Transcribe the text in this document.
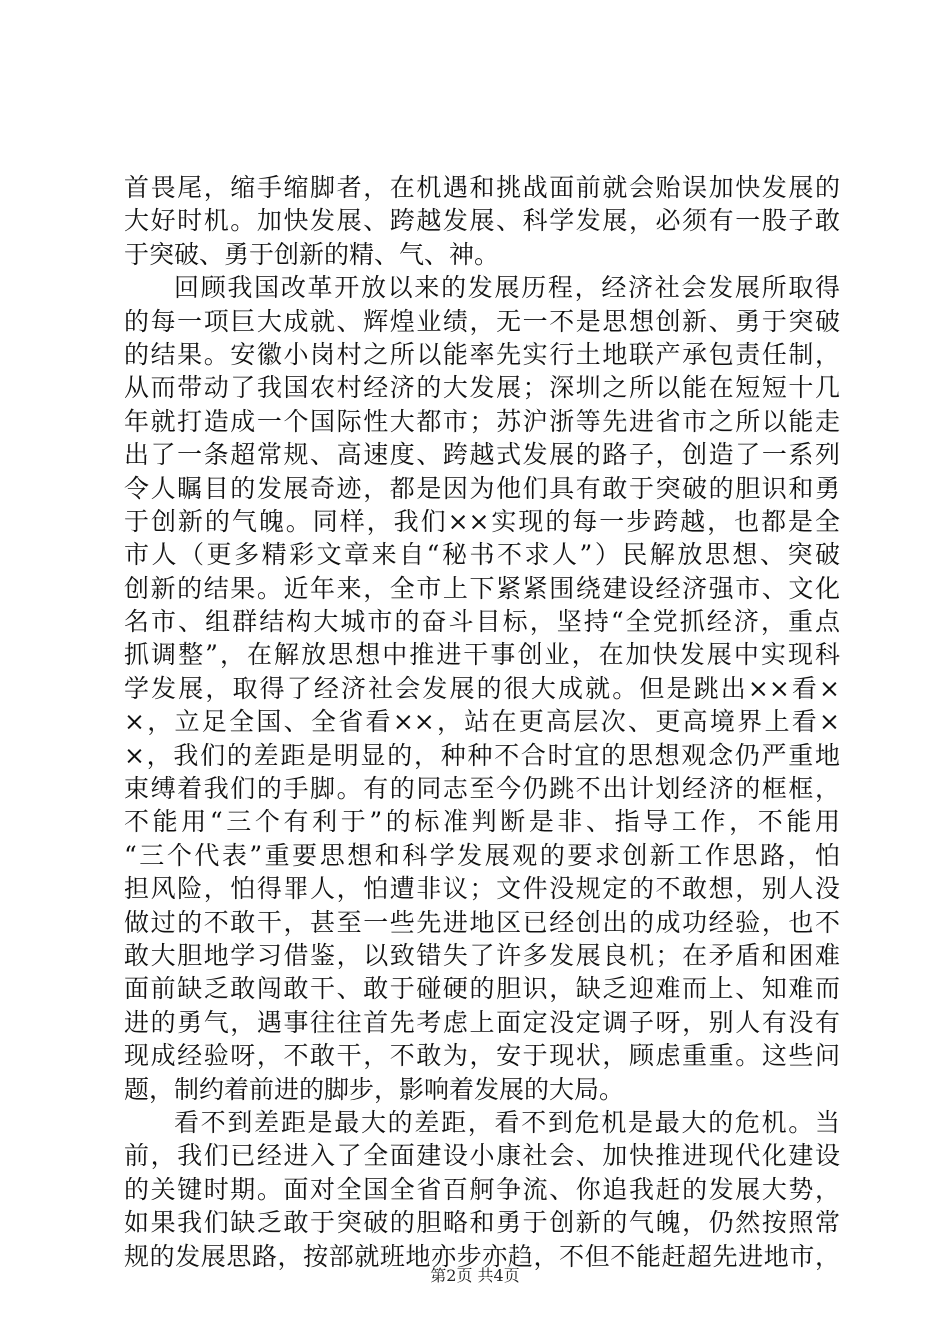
首畏尾，缩手缩脚者，在机遇和挑战面前就会贻误加快发展的
大好时机。加快发展、跨越发展、科学发展，必须有一股子敢
于突破、勇于创新的精、气、神。
回顾我国改革开放以来的发展历程，经济社会发展所取得
的每一项巨大成就、辉煌业绩，无一不是思想创新、勇于突破
的结果。安徽小岗村之所以能率先实行土地联产承包责任制，
从而带动了我国农村经济的大发展；深圳之所以能在短短十几
年就打造成一个国际性大都市；苏沪浙等先进省市之所以能走
出了一条超常规、高速度、跨越式发展的路子，创造了一系列
令人瞩目的发展奇迹，都是因为他们具有敢于突破的胆识和勇
于创新的气魄。同样，我们××实现的每一步跨越，也都是全
市人（更多精彩文章来自“秘书不求人”）民解放思想、突破
创新的结果。近年来，全市上下紧紧围绕建设经济强市、文化
名市、组群结构大城市的奋斗目标，坚持“全党抓经济，重点
抓调整”，在解放思想中推进干事创业，在加快发展中实现科
学发展，取得了经济社会发展的很大成就。但是跳出××看×
×，立足全国、全省看××，站在更高层次、更高境界上看×
×，我们的差距是明显的，种种不合时宜的思想观念仍严重地
束缚着我们的手脚。有的同志至今仍跳不出计划经济的框框，
不能用“三个有利于”的标准判断是非、指导工作，不能用
“三个代表”重要思想和科学发展观的要求创新工作思路，怕
担风险，怕得罪人，怕遭非议；文件没规定的不敢想，别人没
做过的不敢干，甚至一些先进地区已经创出的成功经验，也不
敢大胆地学习借鉴，以致错失了许多发展良机；在矛盾和困难
面前缺乏敢闯敢干、敢于碰硬的胆识，缺乏迎难而上、知难而
进的勇气，遇事往往首先考虑上面定没定调子呀，别人有没有
现成经验呀，不敢干，不敢为，安于现状，顾虑重重。这些问
题，制约着前进的脚步，影响着发展的大局。
看不到差距是最大的差距，看不到危机是最大的危机。当
前，我们已经进入了全面建设小康社会、加快推进现代化建设
的关键时期。面对全国全省百舸争流、你追我赶的发展大势，
如果我们缺乏敢于突破的胆略和勇于创新的气魄，仍然按照常
规的发展思路，按部就班地亦步亦趋，不但不能赶超先进地市，
第2页 共4页
